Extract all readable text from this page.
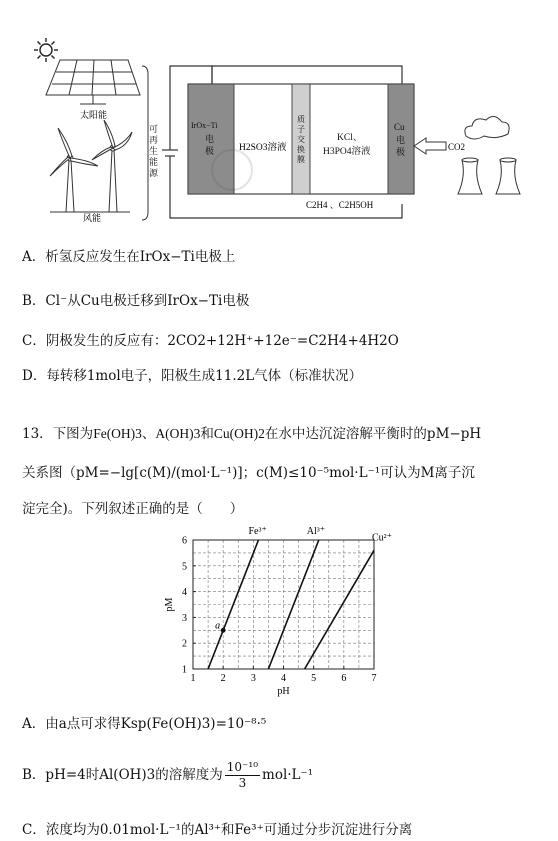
太阳能
风能
可
再
生
能
源
IrOx−Ti
电
极	H2SO3溶液
质
子
交
换
膜
KCl、
H3PO4溶液
Cu
电
极
C2H4 、C2H5OH
CO2
A．析氢反应发生在IrOx−Ti电极上
B．Cl⁻从Cu电极迁移到IrOx−Ti电极
C．阴极发生的反应有：2CO2+12H⁺+12e⁻=C2H4+4H2O
D．每转移1mol电子，阳极生成11.2L气体（标准状况）
13．下图为Fe(OH)3、A(OH)3和Cu(OH)2在水中达沉淀溶解平衡时的pM−pH
关系图（pM=−lg[c(M)/(mol·L⁻¹)]；c(M)≤10⁻⁵mol·L⁻¹可认为M离子沉
淀完全)。下列叙述正确的是（　　）
1	2	3	4	5	6	7
1
2
3
4
5
6
pH
pM
Fe³⁺	Al³⁺
Cu²⁺
a
A．由a点可求得Ksp(Fe(OH)3)=10⁻⁸·⁵
B．pH=4时Al(OH)3的溶解度为 $\frac{\text{10⁻¹⁰}}{3} mol\cdot L^{-1}$
C．浓度均为0.01mol·L⁻¹的Al³⁺和Fe³⁺可通过分步沉淀进行分离
